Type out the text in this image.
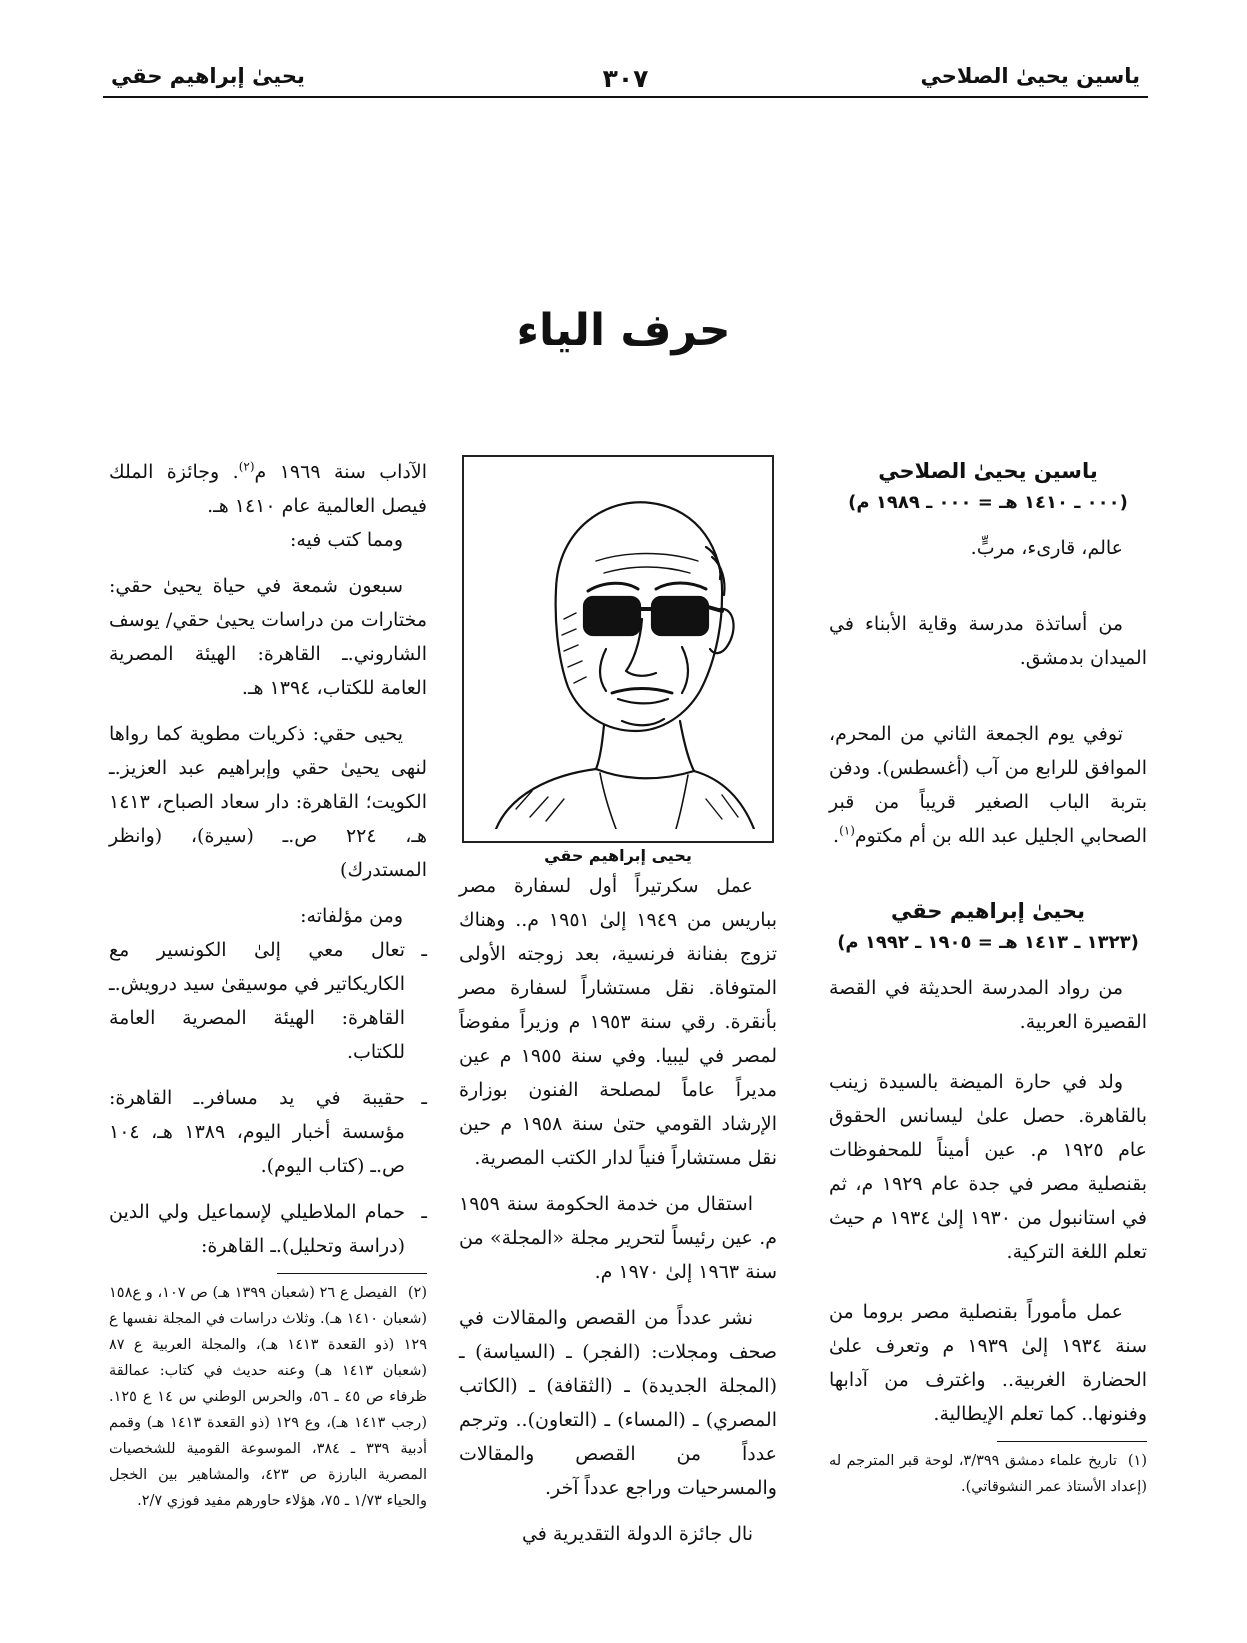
ياسين يحيىٰ الصلاحي
٣٠٧
يحيىٰ إبراهيم حقي
حرف الياء

ياسين يحيىٰ الصلاحي

(٠٠٠ ـ ١٤١٠ هـ = ٠٠٠ ـ ١٩٨٩ م)

عالم، قارىء، مربٍّ.

من أساتذة مدرسة وقاية الأبناء في الميدان بدمشق.

توفي يوم الجمعة الثاني من المحرم، الموافق للرابع من آب (أغسطس). ودفن بتربة الباب الصغير قريباً من قبر الصحابي الجليل عبد الله بن أم مكتوم$^{(١)}$.

يحيىٰ إبراهيم حقي

(١٣٢٣ ـ ١٤١٣ هـ = ١٩٠٥ ـ ١٩٩٢ م)

من رواد المدرسة الحديثة في القصة القصيرة العربية.

ولد في حارة الميضة بالسيدة زينب بالقاهرة. حصل علىٰ ليسانس الحقوق عام ١٩٢٥ م. عين أميناً للمحفوظات بقنصلية مصر في جدة عام ١٩٢٩ م، ثم في استانبول من ١٩٣٠ إلىٰ ١٩٣٤ م حيث تعلم اللغة التركية.

عمل مأموراً بقنصلية مصر بروما من سنة ١٩٣٤ إلىٰ ١٩٣٩ م وتعرف علىٰ الحضارة الغربية.. واغترف من آدابها وفنونها.. كما تعلم الإيطالية.

(١)تاريخ علماء دمشق ٣/٣٩٩، لوحة قبر المترجم له (إعداد الأستاذ عمر النشوقاتي).

يحيى إبراهيم حقي

عمل سكرتيراً أول لسفارة مصر بباريس من ١٩٤٩ إلىٰ ١٩٥١ م.. وهناك تزوج بفنانة فرنسية، بعد زوجته الأولى المتوفاة. نقل مستشاراً لسفارة مصر بأنقرة. رقي سنة ١٩٥٣ م وزيراً مفوضاً لمصر في ليبيا. وفي سنة ١٩٥٥ م عين مديراً عاماً لمصلحة الفنون بوزارة الإرشاد القومي حتىٰ سنة ١٩٥٨ م حين نقل مستشاراً فنياً لدار الكتب المصرية.

استقال من خدمة الحكومة سنة ١٩٥٩ م. عين رئيساً لتحرير مجلة «المجلة» من سنة ١٩٦٣ إلىٰ ١٩٧٠ م.

نشر عدداً من القصص والمقالات في صحف ومجلات: (الفجر) ـ (السياسة) ـ (المجلة الجديدة) ـ (الثقافة) ـ (الكاتب المصري) ـ (المساء) ـ (التعاون).. وترجم عدداً من القصص والمقالات والمسرحيات وراجع عدداً آخر.

نال جائزة الدولة التقديرية في

الآداب سنة ١٩٦٩ م$^{(٢)}$. وجائزة الملك فيصل العالمية عام ١٤١٠ هـ.

ومما كتب فيه:

سبعون شمعة في حياة يحيىٰ حقي: مختارات من دراسات يحيىٰ حقي/ يوسف الشاروني.ـ القاهرة: الهيئة المصرية العامة للكتاب، ١٣٩٤ هـ.

يحيى حقي: ذكريات مطوية كما رواها لنهى يحيىٰ حقي وإبراهيم عبد العزيز.ـ الكويت؛ القاهرة: دار سعاد الصباح، ١٤١٣ هـ، ٢٢٤ ص.ـ (سيرة)، (وانظر المستدرك)

ومن مؤلفاته:

ـ
تعال معي إلىٰ الكونسير مع الكاريكاتير في موسيقىٰ سيد درويش.ـ القاهرة: الهيئة المصرية العامة للكتاب.

ـ
حقيبة في يد مسافر.ـ القاهرة: مؤسسة أخبار اليوم، ١٣٨٩ هـ، ١٠٤ ص.ـ (كتاب اليوم).

ـ
حمام الملاطيلي لإسماعيل ولي الدين (دراسة وتحليل).ـ القاهرة:

(٢)الفيصل ع ٢٦ (شعبان ١٣٩٩ هـ) ص ١٠٧، و ع١٥٨ (شعبان ١٤١٠ هـ). وثلاث دراسات في المجلة نفسها ع ١٢٩ (ذو القعدة ١٤١٣ هـ)، والمجلة العربية ع ٨٧ (شعبان ١٤١٣ هـ) وعنه حديث في كتاب: عمالقة ظرفاء ص ٤٥ ـ ٥٦، والحرس الوطني س ١٤ ع ١٢٥. (رجب ١٤١٣ هـ)، وع ١٢٩ (ذو القعدة ١٤١٣ هـ) وقمم أدبية ٣٣٩ ـ ٣٨٤، الموسوعة القومية للشخصيات المصرية البارزة ص ٤٢٣، والمشاهير بين الخجل والحياء ١/٧٣ ـ ٧٥، هؤلاء حاورهم مفيد فوزي ٢/٧.
